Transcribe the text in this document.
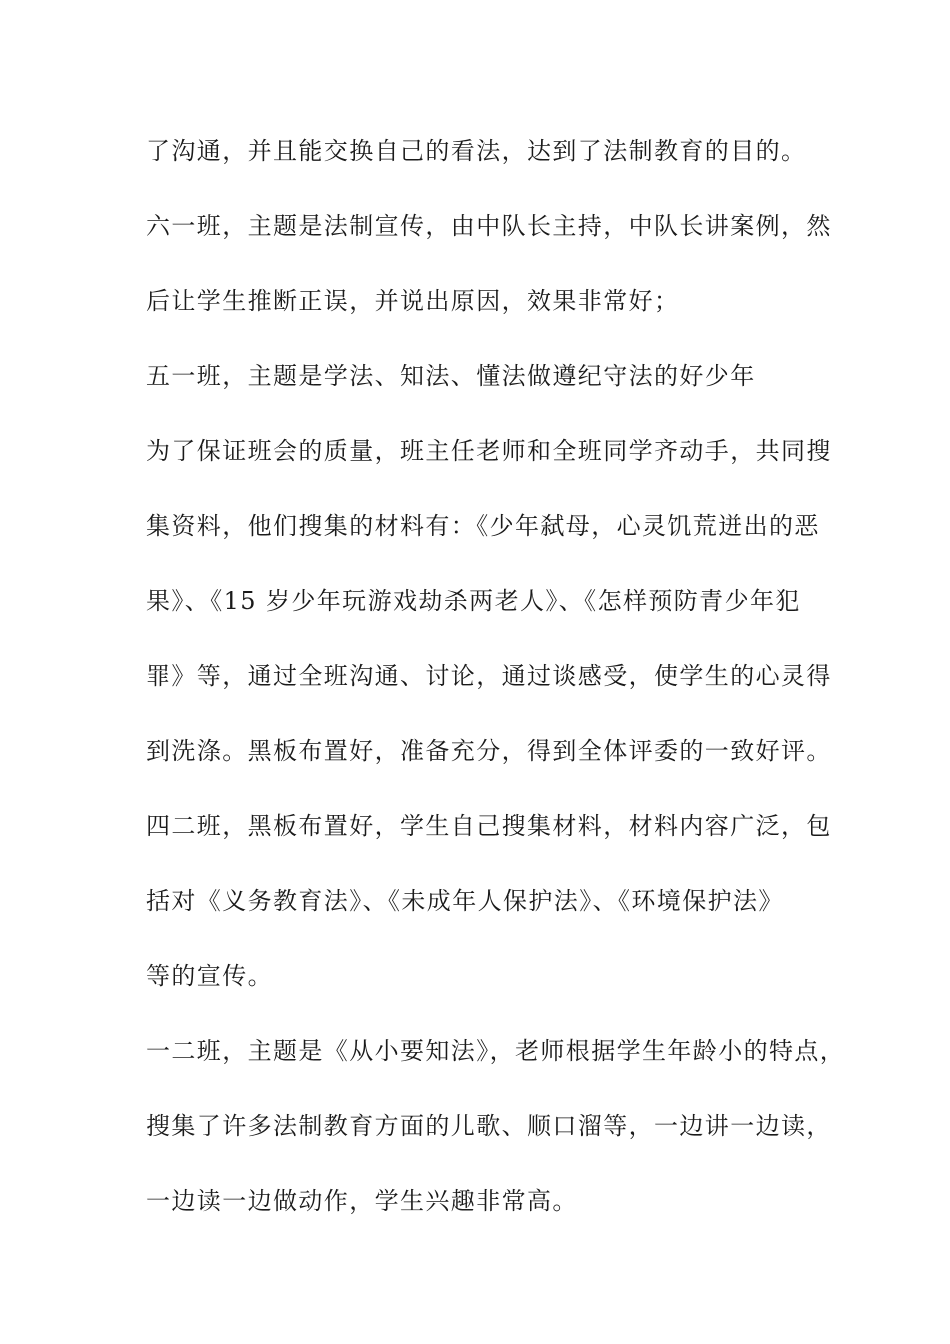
了沟通，并且能交换自己的看法，达到了法制教育的目的。
六一班，主题是法制宣传，由中队长主持，中队长讲案例，然
后让学生推断正误，并说出原因，效果非常好；
五一班，主题是学法、知法、懂法做遵纪守法的好少年
为了保证班会的质量，班主任老师和全班同学齐动手，共同搜
集资料，他们搜集的材料有：《少年弑母，心灵饥荒迸出的恶
果》、《15 岁少年玩游戏劫杀两老人》、《怎样预防青少年犯
罪》等，通过全班沟通、讨论，通过谈感受，使学生的心灵得
到洗涤。黑板布置好，准备充分，得到全体评委的一致好评。
四二班，黑板布置好，学生自己搜集材料，材料内容广泛，包
括对《义务教育法》、《未成年人保护法》、《环境保护法》
等的宣传。
一二班，主题是《从小要知法》，老师根据学生年龄小的特点，
搜集了许多法制教育方面的儿歌、顺口溜等，一边讲一边读，
一边读一边做动作，学生兴趣非常高。
